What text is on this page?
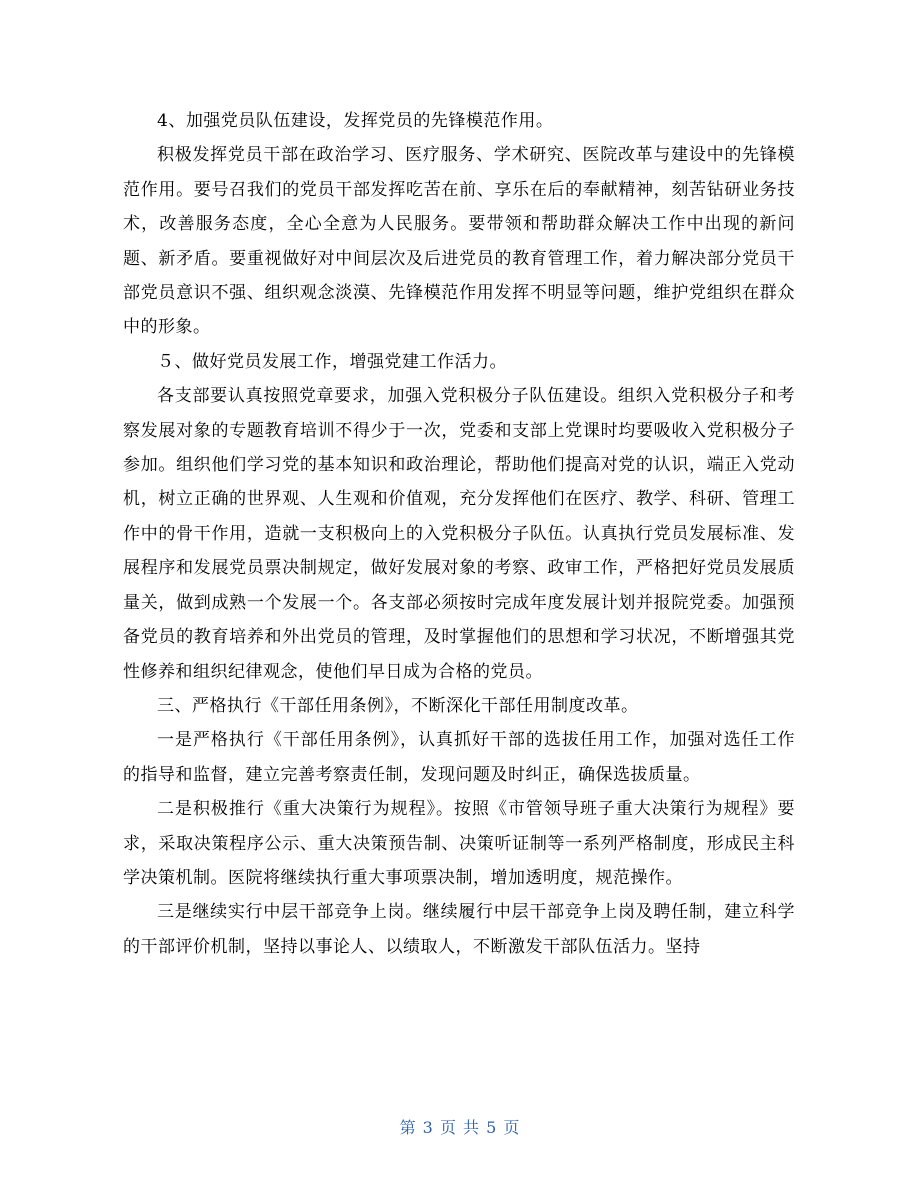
4、加强党员队伍建设，发挥党员的先锋模范作用。

积极发挥党员干部在政治学习、医疗服务、学术研究、医院改革与建设中的先锋模范作用。要号召我们的党员干部发挥吃苦在前、享乐在后的奉献精神，刻苦钻研业务技术，改善服务态度，全心全意为人民服务。要带领和帮助群众解决工作中出现的新问题、新矛盾。要重视做好对中间层次及后进党员的教育管理工作，着力解决部分党员干部党员意识不强、组织观念淡漠、先锋模范作用发挥不明显等问题，维护党组织在群众中的形象。

５、做好党员发展工作，增强党建工作活力。

各支部要认真按照党章要求，加强入党积极分子队伍建设。组织入党积极分子和考察发展对象的专题教育培训不得少于一次，党委和支部上党课时均要吸收入党积极分子参加。组织他们学习党的基本知识和政治理论，帮助他们提高对党的认识，端正入党动机，树立正确的世界观、人生观和价值观，充分发挥他们在医疗、教学、科研、管理工作中的骨干作用，造就一支积极向上的入党积极分子队伍。认真执行党员发展标准、发展程序和发展党员票决制规定，做好发展对象的考察、政审工作，严格把好党员发展质量关，做到成熟一个发展一个。各支部必须按时完成年度发展计划并报院党委。加强预备党员的教育培养和外出党员的管理，及时掌握他们的思想和学习状况，不断增强其党性修养和组织纪律观念，使他们早日成为合格的党员。

三、严格执行《干部任用条例》，不断深化干部任用制度改革。

一是严格执行《干部任用条例》，认真抓好干部的选拔任用工作，加强对选任工作的指导和监督，建立完善考察责任制，发现问题及时纠正，确保选拔质量。

二是积极推行《重大决策行为规程》。按照《市管领导班子重大决策行为规程》要求，采取决策程序公示、重大决策预告制、决策听证制等一系列严格制度，形成民主科学决策机制。医院将继续执行重大事项票决制，增加透明度，规范操作。

三是继续实行中层干部竞争上岗。继续履行中层干部竞争上岗及聘任制，建立科学的干部评价机制，坚持以事论人、以绩取人，不断激发干部队伍活力。坚持

第 3 页 共 5 页
